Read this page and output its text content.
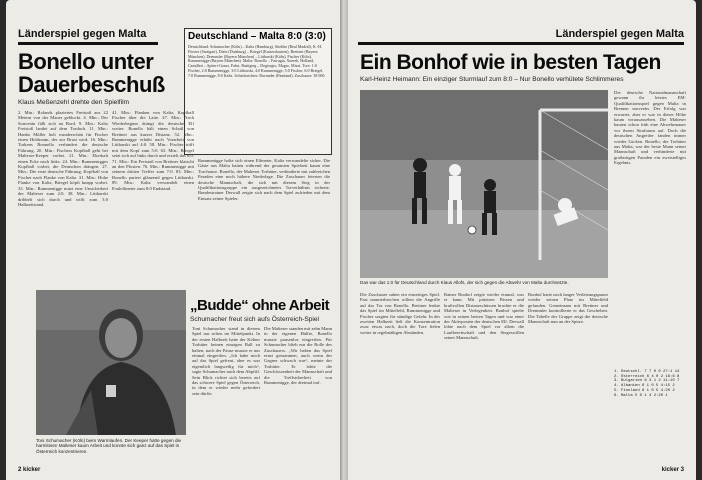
Länderspiel gegen Malta
Bonello unter Dauerbeschuß
Klaus Meßenzehl drehte den Spielfilm
Deutschland – Malta 8:0 (3:0)
Deutschland: Schumacher (Köln) – Kaltz (Hamburg), Stielike (Real Madrid), K.-H. Förster (Stuttgart), Dietz (Duisburg) – Briegel (Kaiserslautern), Breitner (Bayern München), Dremmler (Bayern München) – Littbarski (Köln), Fischer (Köln), Rummenigge (Bayern München). Malta: Bonello – Farrugia, Xuereb, Holland, Camilleri – Spiteri-Gonzi, Fabri, Buttigieg – Degiorgio, Magro, Mizzi. Tore: 1:0 Fischer, 2:0 Rummenigge, 3:0 Littbarski, 4:0 Rummenigge, 5:0 Fischer, 6:0 Briegel, 7:0 Rummenigge, 8:0 Kaltz. Schiedsrichter: Ravander (Finnland). Zuschauer: 38 000.
2. Min.: Rolands plaziertes Freistoß aus 22 Metern von der Mauer geblockt. 4. Min.: Der Souverän fällt sich an Bord. 9. Min.: Kaltz Freistoß landet auf dem Tordach. 11. Min.: Hanbo Müller holt wunderschön für Fischer einen Hohlraum, der zur Brust wird. 16. Min.: Torkens Bonnello verhindert die deutsche Führung. 20. Min.: Fischers Kopfball geht bei Malteser-Keeper vorbei. 21. Min.: Ekerkalt einen Ecke nach links. 24. Min.: Rummenigges Kopfball vorbei, die Deutschen drängen. 27. Min.: Die erste deutsche Führung, Kopfball von Fischer nach Flanke von Kaltz. 31. Min.: Hohe Flanke von Kaltz, Briegel köpft knapp vorbei. 33. Min.: Rummenigge nutzt eine Unsicherheit der Malteser zum 2:0. 38. Min.: Littbarski dribbelt sich durch und trifft zum 3:0 Halbzeitstand.
41. Min.: Flanken von Kaltz, Kopfball Fischer über die Latte. 47. Min.: Nach Wiederbeginn drängt die deutsche Elf weiter. Bonello hält einen Schuß von Breitner aus kurzer Distanz. 52. Min.: Rummenigge erhöht nach Vorarbeit von Littbarski auf 4:0. 58. Min.: Fischer trifft mit dem Kopf zum 5:0. 63. Min.: Briegel setzt sich auf links durch und erzielt das 6:0. 71. Min.: Ein Freistoß von Breitner klatscht an den Pfosten. 76. Min.: Rummenigge mit seinem dritten Treffer zum 7:0. 83. Min.: Bonello pariert glänzend gegen Littbarski. 89. Min.: Kaltz verwandelt einen Foulelfmeter zum 8:0 Endstand.
Rummenigge holte sich einen Elfmeter, Kaltz verwandelte sicher. Die Gäste aus Malta hatten während der gesamten Spielzeit kaum eine Torchance. Bonello, der Malteser Torhüter, verhinderte mit zahlreichen Paraden eine noch höhere Niederlage. Die Zuschauer feierten die deutsche Mannschaft, die sich mit diesem Sieg in der Qualifikationsgruppe ein ausgezeichnetes Torverhältnis sicherte. Bundestrainer Derwall zeigte sich nach dem Spiel zufrieden mit dem Einsatz seiner Spieler.
„Budde“ ohne Arbeit
Schumacher freut sich aufs Österreich-Spiel
Toni Schumacher stand in diesem Spiel nur selten im Mittelpunkt. In der ersten Halbzeit hatte der Kölner Torhüter keinen einzigen Ball zu halten, nach der Pause musste er nur einmal eingreifen. „Ich habe mich auf das Spiel gefreut, aber es war eigentlich langweilig für mich“, sagte Schumacher nach dem Abpfiff. Sein Blick richtet sich bereits auf das schwere Spiel gegen Österreich, in dem er wieder mehr gefordert sein dürfte.
Die Malteser standen mit zehn Mann in der eigenen Hälfte, Bonello musste pausenlos eingreifen. Für Schumacher blieb nur die Rolle des Zuschauers. „Wir haben das Spiel ernst genommen, auch wenn der Gegner schwach war“, meinte der Torhüter. Er lobte die Geschlossenheit der Mannschaft und die Treffsicherheit von Rummenigge, der dreimal traf.
Toni Schumacher (Köln) beim Warmlaufen. Der Keeper hatte gegen die harmlosen Malteser kaum Arbeit und konnte sich ganz auf das Spiel in Österreich konzentrieren.
2 kicker
Länderspiel gegen Malta
Ein Bonhof wie in besten Tagen
Karl-Heinz Heimann: Ein einziger Sturmlauf zum 8:0 – Nur Bonello verhütete Schlimmeres
Das war das 1:0 für Deutschland durch Klaus Allofs, der sich gegen die Abwehr von Malta durchsetzte.
Die deutsche Nationalmannschaft gewann ihr letztes EM-Qualifikationsspiel gegen Malta in Bremen souverän. Der Erfolg war erwartet, aber er war in dieser Höhe kaum vorauszusehen. Die Malteser bauten schon früh eine Abwehrmauer vor ihrem Strafraum auf. Doch die deutschen Angreifer fanden immer wieder Lücken. Bonello, der Torhüter aus Malta, war der beste Mann seiner Mannschaft und verhinderte mit großartigen Paraden ein zweistelliges Ergebnis.
Die Zuschauer sahen ein einseitiges Spiel. Fast ununterbrochen rollten die Angriffe auf das Tor von Bonello. Breitner lenkte das Spiel im Mittelfeld, Rummenigge und Fischer sorgten für ständige Gefahr. In der zweiten Halbzeit ließ die Konzentration zwar etwas nach, doch die Tore fielen weiter in regelmäßigen Abständen.
Rainer Bonhof zeigte wieder einmal, was er kann. Mit präzisen Pässen und kraftvollen Distanzschüssen brachte er die Malteser in Verlegenheit. Bonhof spielte wie in seinen besten Tagen und war einer der Aktivposten der deutschen Elf. Derwall lobte nach dem Spiel vor allem die Laufbereitschaft und den Siegeswillen seiner Mannschaft.
Bonhof hatte nach langer Verletzungspause wieder seinen Platz im Mittelfeld gefunden. Gemeinsam mit Breitner und Dremmler kontrollierte er das Geschehen. Die Tabelle der Gruppe zeigt die deutsche Mannschaft nun an der Spitze.
1. Deutschl. 7 7 0 0 27:1 14
2. Österreich 6 4 0 2 16:6 8
3. Bulgarien 6 3 1 2 11:10 7
4. Albanien 6 1 0 5 4:15 2
5. Finnland 6 1 0 5 4:20 2
6. Malta 5 0 1 4 2:20 1
kicker 3
